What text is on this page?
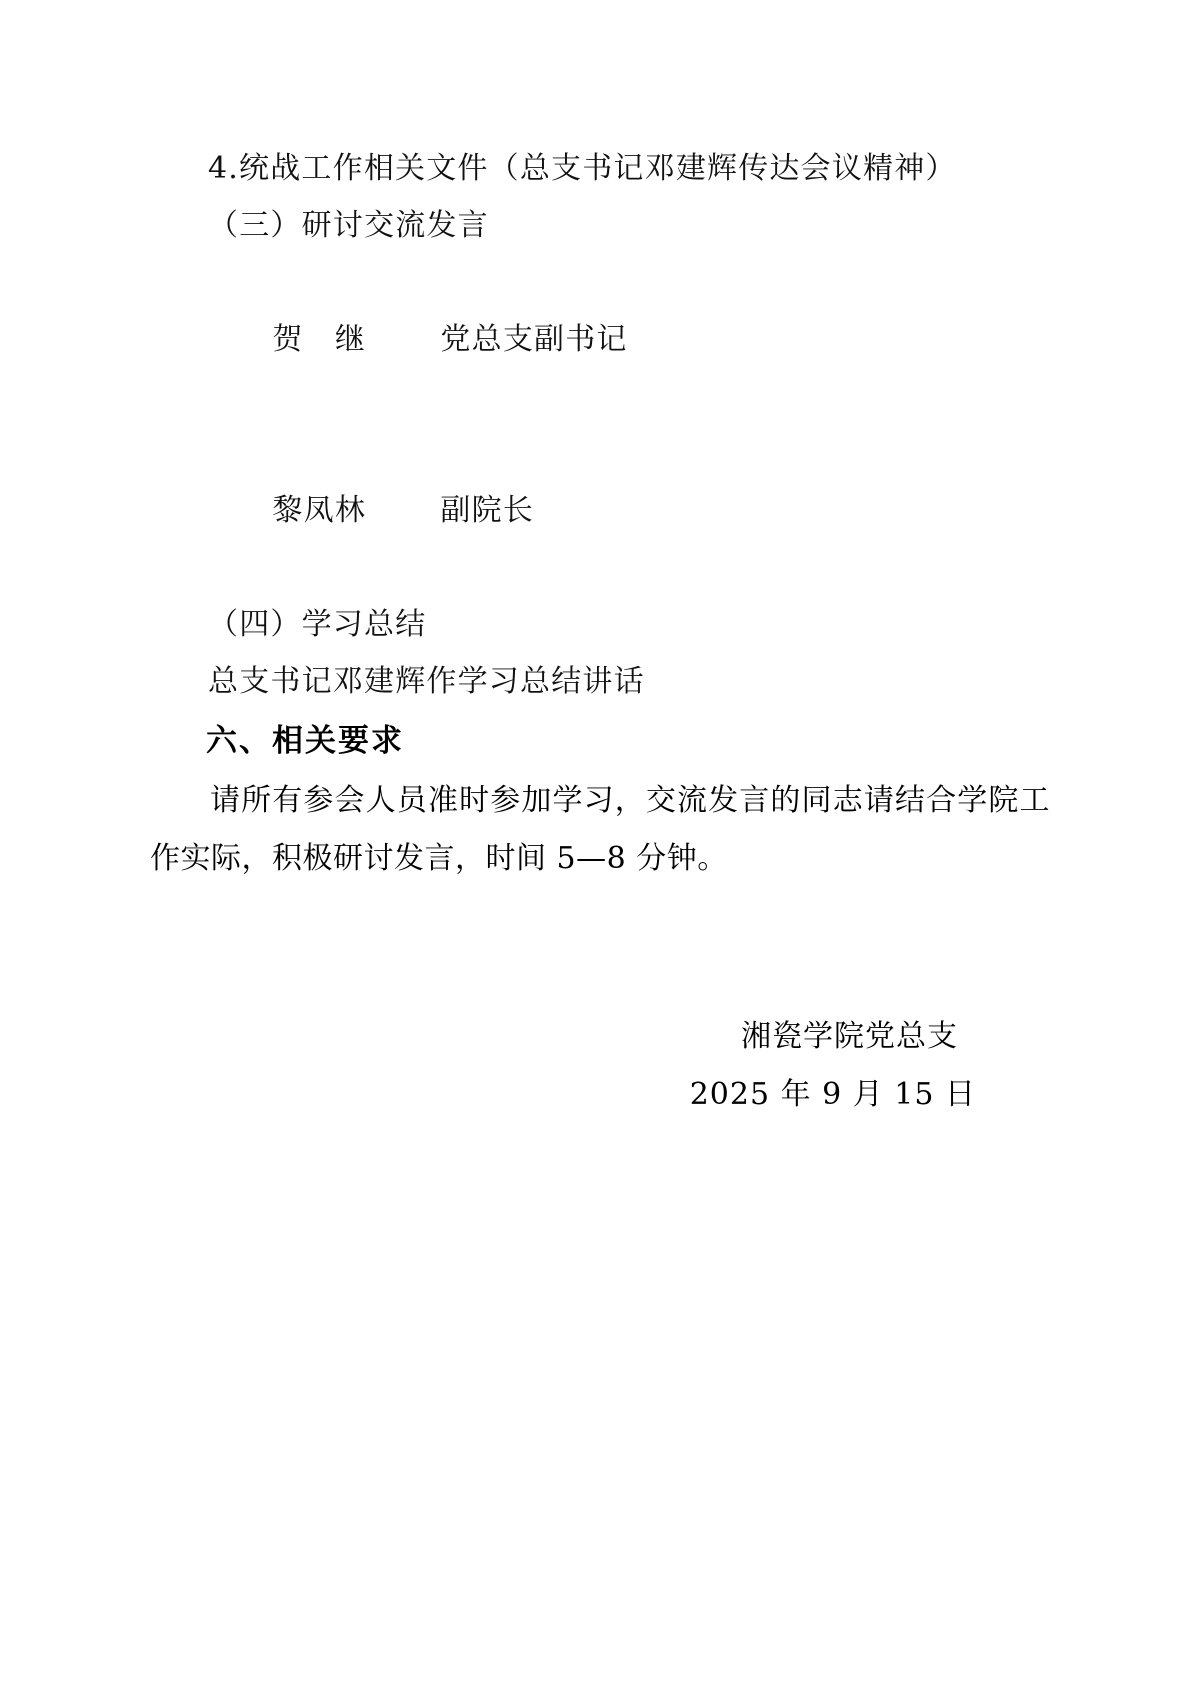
4.统战工作相关文件（总支书记邓建辉传达会议精神）
（三）研讨交流发言

贺　继 党总支副书记

黎凤林 副院长

（四）学习总结
总支书记邓建辉作学习总结讲话
六、相关要求
请所有参会人员准时参加学习，交流发言的同志请结合学院工作实际，积极研讨发言，时间 5—8 分钟。
湘瓷学院党总支
2025 年 9 月 15 日
